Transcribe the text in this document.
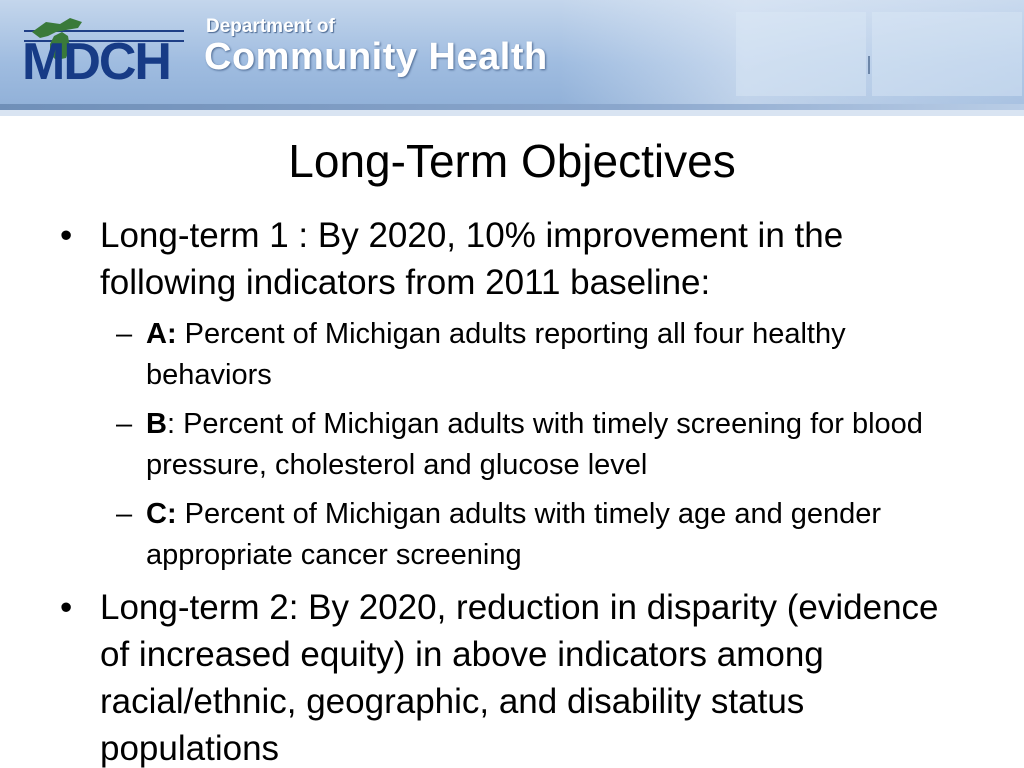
MDCH
Department of
Community Health
Long-Term Objectives
• Long-term 1 : By 2020, 10% improvement in the following indicators from 2011 baseline:
– A: Percent of Michigan adults reporting all four healthy behaviors
– B: Percent of Michigan adults with timely screening for blood pressure, cholesterol and glucose level
– C: Percent of Michigan adults with timely age and gender appropriate cancer screening
• Long-term 2: By 2020, reduction in disparity (evidence of increased equity) in above indicators among racial/ethnic, geographic, and disability status populations
